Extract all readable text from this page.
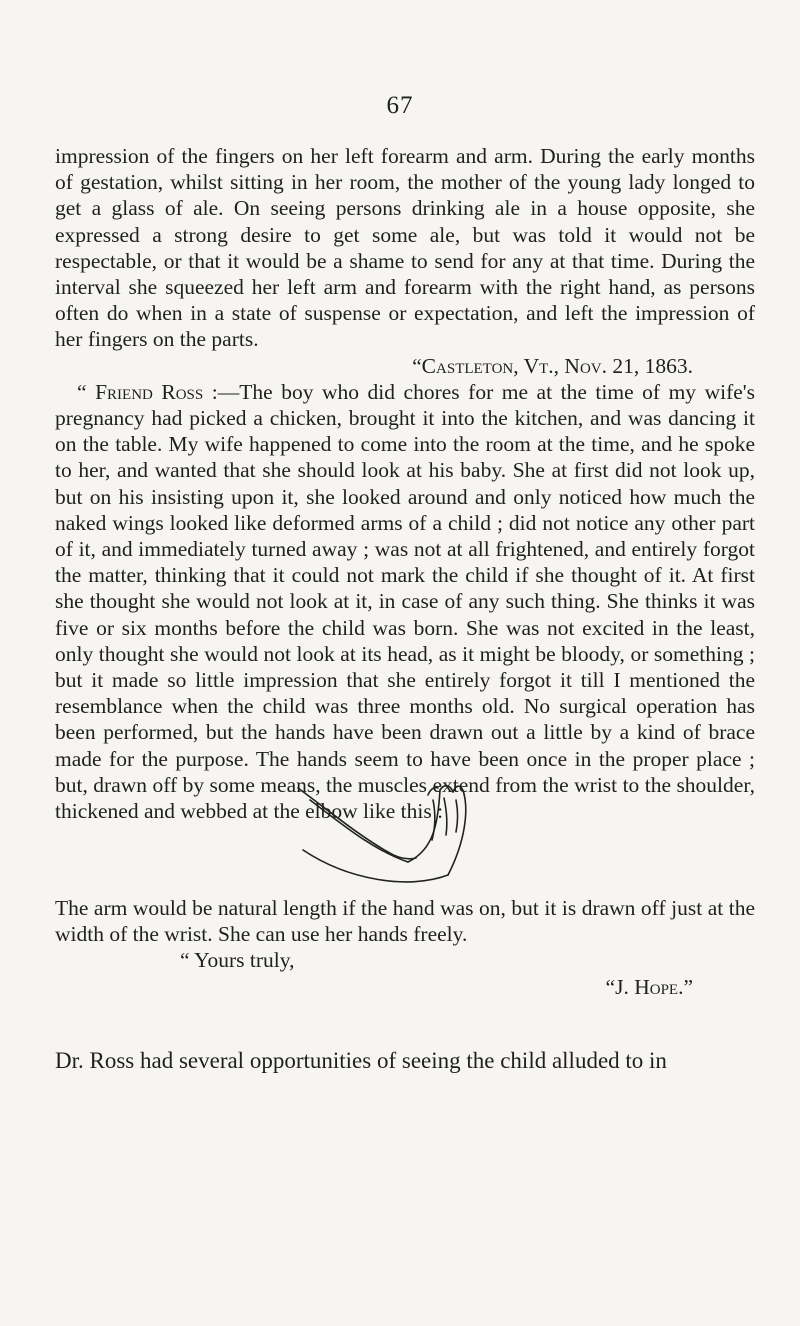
67

impression of the fingers on her left forearm and arm. During the early months of gestation, whilst sitting in her room, the mother of the young lady longed to get a glass of ale. On seeing persons drinking ale in a house opposite, she expressed a strong desire to get some ale, but was told it would not be respectable, or that it would be a shame to send for any at that time. During the interval she squeezed her left arm and forearm with the right hand, as persons often do when in a state of suspense or expectation, and left the impression of her fingers on the parts.

“Castleton, Vt., Nov. 21, 1863.

“ Friend Ross :—The boy who did chores for me at the time of my wife's pregnancy had picked a chicken, brought it into the kitchen, and was dancing it on the table. My wife happened to come into the room at the time, and he spoke to her, and wanted that she should look at his baby. She at first did not look up, but on his insisting upon it, she looked around and only noticed how much the naked wings looked like deformed arms of a child ; did not notice any other part of it, and immediately turned away ; was not at all frightened, and entirely forgot the matter, thinking that it could not mark the child if she thought of it. At first she thought she would not look at it, in case of any such thing. She thinks it was five or six months before the child was born. She was not excited in the least, only thought she would not look at its head, as it might be bloody, or something ; but it made so little impression that she entirely forgot it till I mentioned the resemblance when the child was three months old. No surgical operation has been performed, but the hands have been drawn out a little by a kind of brace made for the purpose. The hands seem to have been once in the proper place ; but, drawn off by some means, the muscles extend from the wrist to the shoulder, thickened and webbed at the elbow like this :

The arm would be natural length if the hand was on, but it is drawn off just at the width of the wrist. She can use her hands freely.

“ Yours truly,

“J. Hope.”

Dr. Ross had several opportunities of seeing the child alluded to in
